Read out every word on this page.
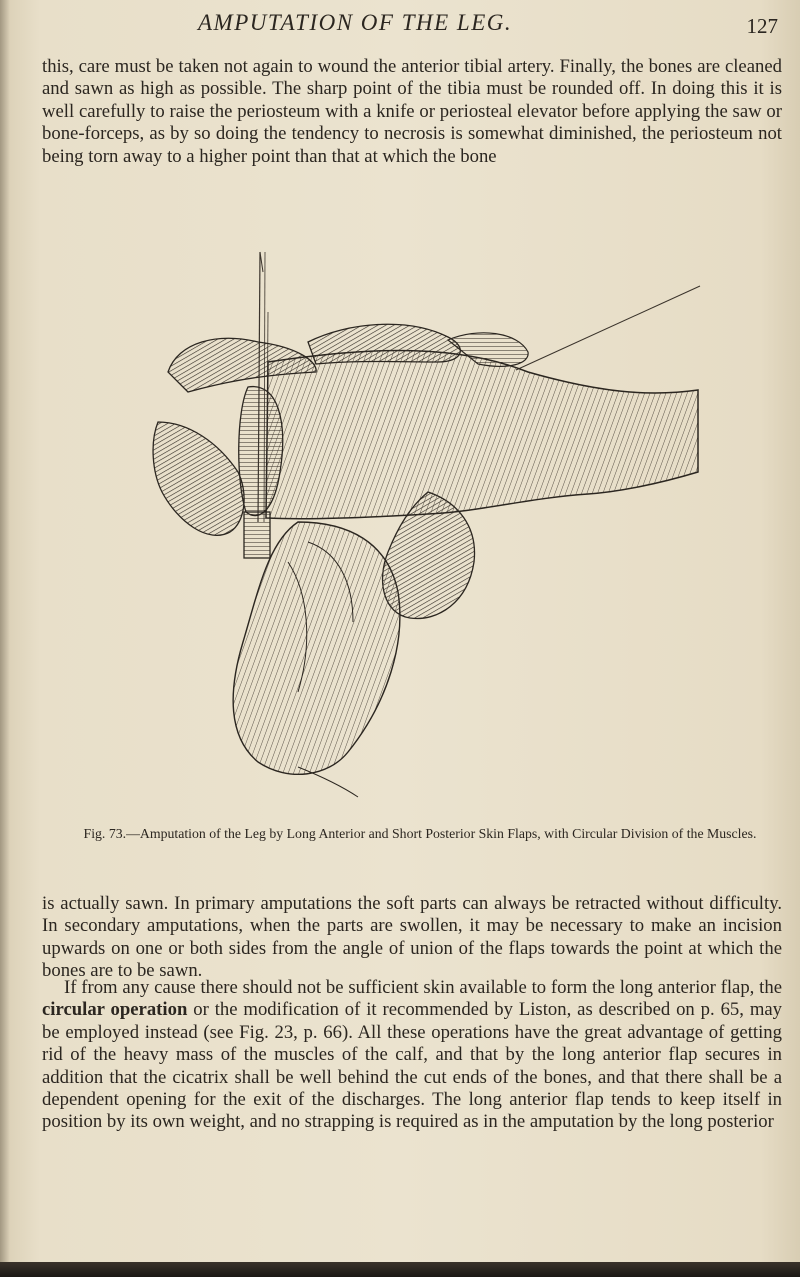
AMPUTATION OF THE LEG.	127

this, care must be taken not again to wound the anterior tibial artery. Finally, the bones are cleaned and sawn as high as possible. The sharp point of the tibia must be rounded off. In doing this it is well carefully to raise the periosteum with a knife or periosteal elevator before applying the saw or bone-forceps, as by so doing the tendency to necrosis is somewhat diminished, the periosteum not being torn away to a higher point than that at which the bone

Fig. 73.—Amputation of the Leg by Long Anterior and Short Posterior Skin Flaps, with Circular Division of the Muscles.

is actually sawn. In primary amputations the soft parts can always be retracted without difficulty. In secondary amputations, when the parts are swollen, it may be necessary to make an incision upwards on one or both sides from the angle of union of the flaps towards the point at which the bones are to be sawn.

If from any cause there should not be sufficient skin available to form the long anterior flap, the circular operation or the modification of it recommended by Liston, as described on p. 65, may be employed instead (see Fig. 23, p. 66). All these operations have the great advantage of getting rid of the heavy mass of the muscles of the calf, and that by the long anterior flap secures in addition that the cicatrix shall be well behind the cut ends of the bones, and that there shall be a dependent opening for the exit of the discharges. The long anterior flap tends to keep itself in position by its own weight, and no strapping is required as in the amputation by the long posterior
